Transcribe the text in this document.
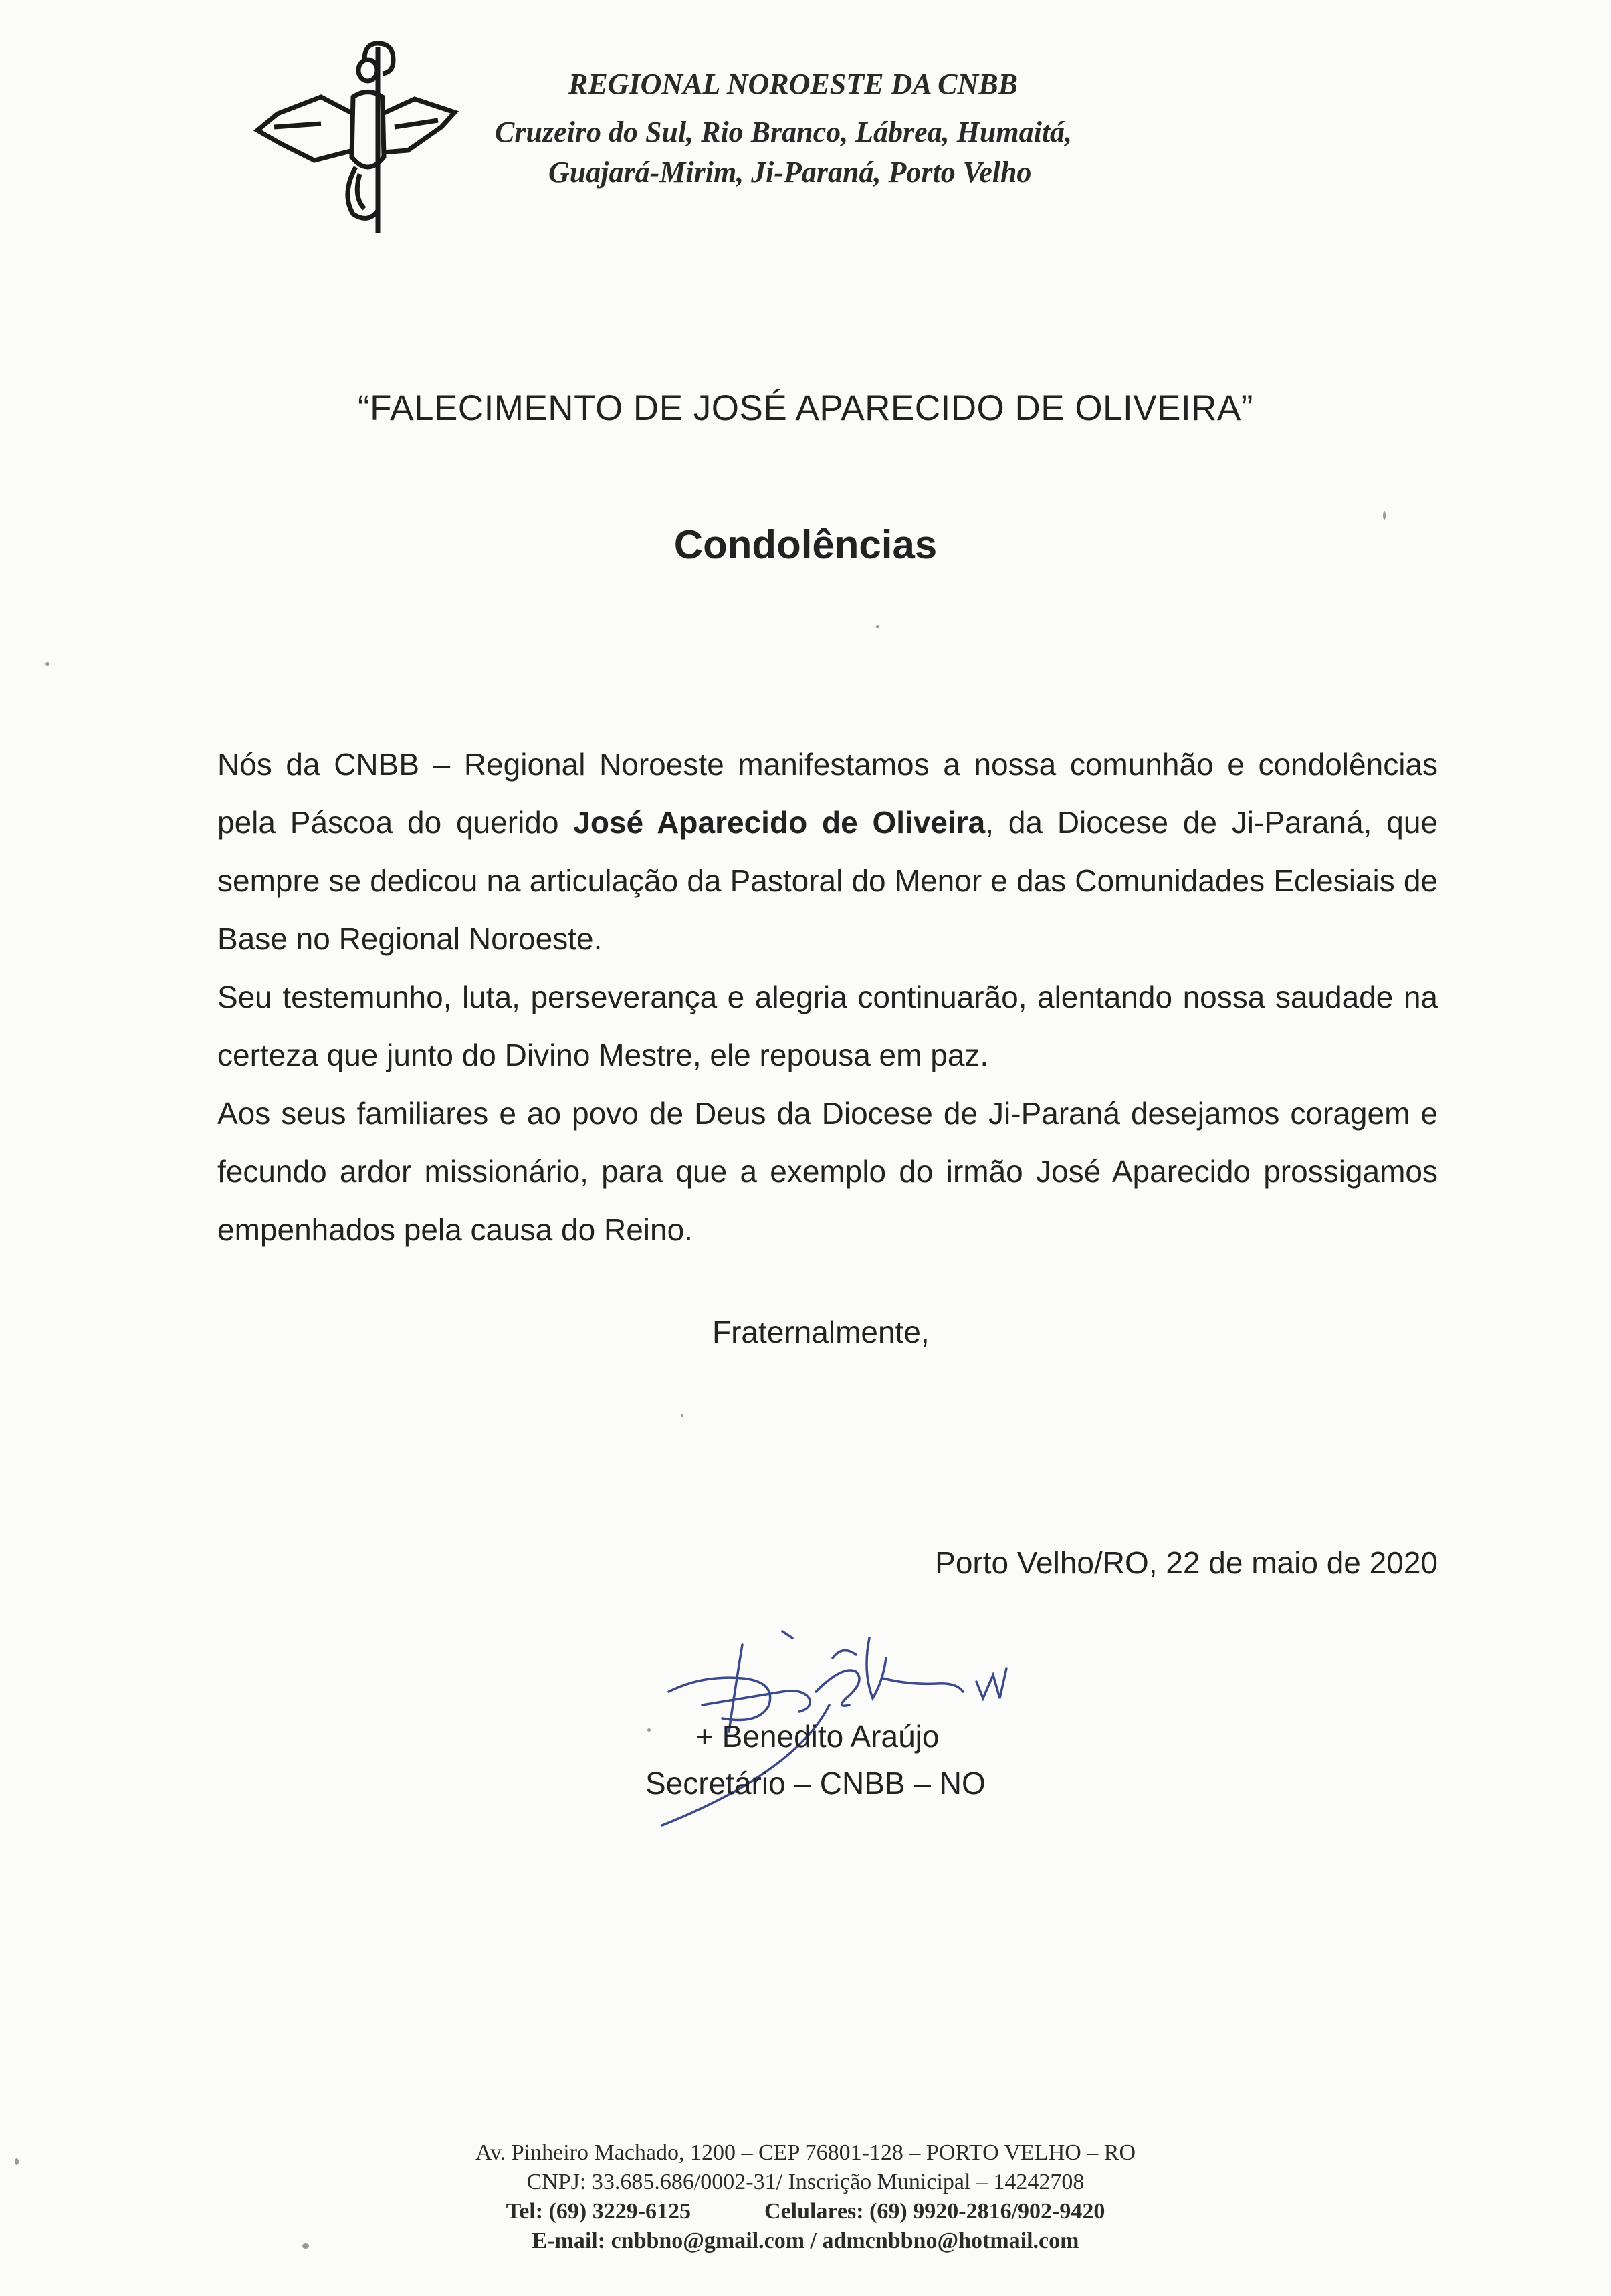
REGIONAL NOROESTE DA CNBB
Cruzeiro do Sul, Rio Branco, Lábrea, Humaitá,
Guajará-Mirim, Ji-Paraná, Porto Velho
“FALECIMENTO DE JOSÉ APARECIDO DE OLIVEIRA”
Condolências

Nós da CNBB – Regional Noroeste manifestamos a nossa comunhão e condolências pela Páscoa do querido José Aparecido de Oliveira, da Diocese de Ji-Paraná, que sempre se dedicou na articulação da Pastoral do Menor e das Comunidades Eclesiais de Base no Regional Noroeste.

Seu testemunho, luta, perseverança e alegria continuarão, alentando nossa saudade na certeza que junto do Divino Mestre, ele repousa em paz.

Aos seus familiares e ao povo de Deus da Diocese de Ji-Paraná desejamos coragem e fecundo ardor missionário, para que a exemplo do irmão José Aparecido prossigamos empenhados pela causa do Reino.

Fraternalmente,
Porto Velho/RO, 22 de maio de 2020
+ Benedito Araújo
Secretário – CNBB – NO
Av. Pinheiro Machado, 1200 – CEP 76801-128 – PORTO VELHO – RO
CNPJ: 33.685.686/0002-31/ Inscrição Municipal – 14242708
Tel: (69) 3229-6125	Celulares: (69) 9920-2816/902-9420
E-mail: cnbbno@gmail.com / admcnbbno@hotmail.com
